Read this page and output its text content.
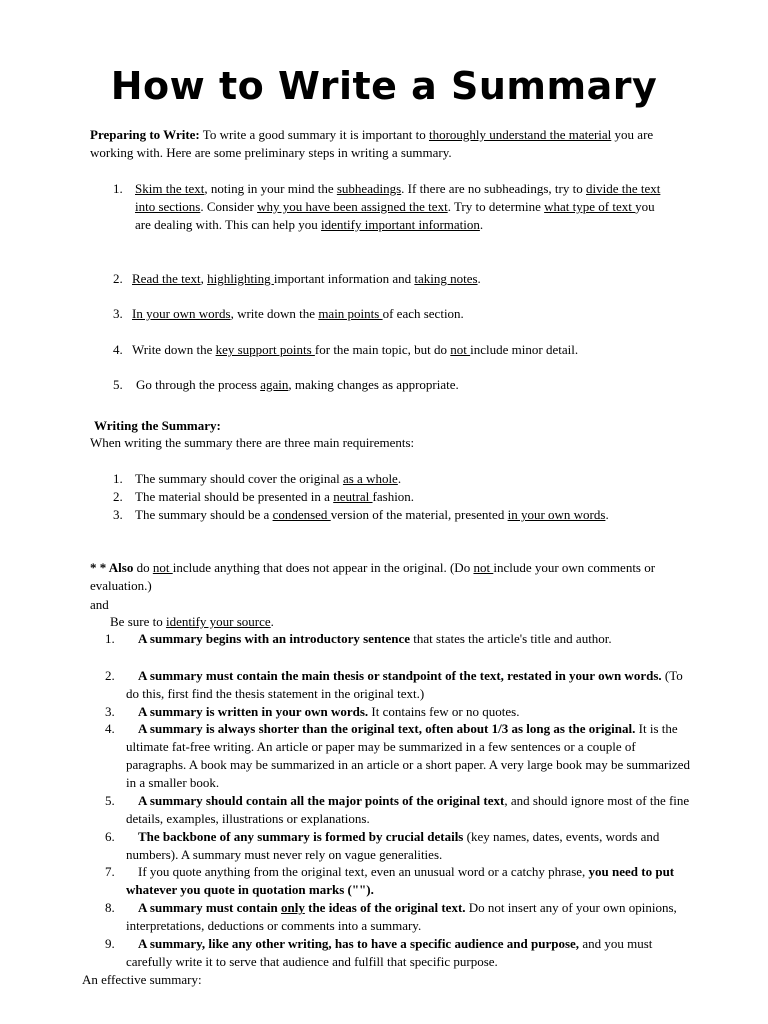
How to Write a Summary

Preparing to Write: To write a good summary it is important to thoroughly understand the material you are working with. Here are some preliminary steps in writing a summary.

1. Skim the text, noting in your mind the subheadings. If there are no subheadings, try to divide the text into sections. Consider why you have been assigned the text. Try to determine what type of text you are dealing with. This can help you identify important information.
2. Read the text, highlighting important information and taking notes.
3. In your own words, write down the main points of each section.
4. Write down the key support points for the main topic, but do not include minor detail.
5. Go through the process again, making changes as appropriate.
Writing the Summary:
When writing the summary there are three main requirements:
1. The summary should cover the original as a whole.
2. The material should be presented in a neutral fashion.
3. The summary should be a condensed version of the material, presented in your own words.

* * Also do not include anything that does not appear in the original. (Do not include your own comments or evaluation.)

and
Be sure to identify your source.
1.	A summary begins with an introductory sentence that states the article's title and author.
2.	A summary must contain the main thesis or standpoint of the text, restated in your own words. (To do this, first find the thesis statement in the original text.)
3.	A summary is written in your own words. It contains few or no quotes.
4.	A summary is always shorter than the original text, often about 1/3 as long as the original. It is the ultimate fat-free writing. An article or paper may be summarized in a few sentences or a couple of paragraphs. A book may be summarized in an article or a short paper. A very large book may be summarized in a smaller book.
5.	A summary should contain all the major points of the original text, and should ignore most of the fine details, examples, illustrations or explanations.
6.	The backbone of any summary is formed by crucial details (key names, dates, events, words and numbers). A summary must never rely on vague generalities.
7.	If you quote anything from the original text, even an unusual word or a catchy phrase, you need to put whatever you quote in quotation marks ("").
8.	A summary must contain only the ideas of the original text. Do not insert any of your own opinions, interpretations, deductions or comments into a summary.
9.	A summary, like any other writing, has to have a specific audience and purpose, and you must carefully write it to serve that audience and fulfill that specific purpose.
An effective summary:
